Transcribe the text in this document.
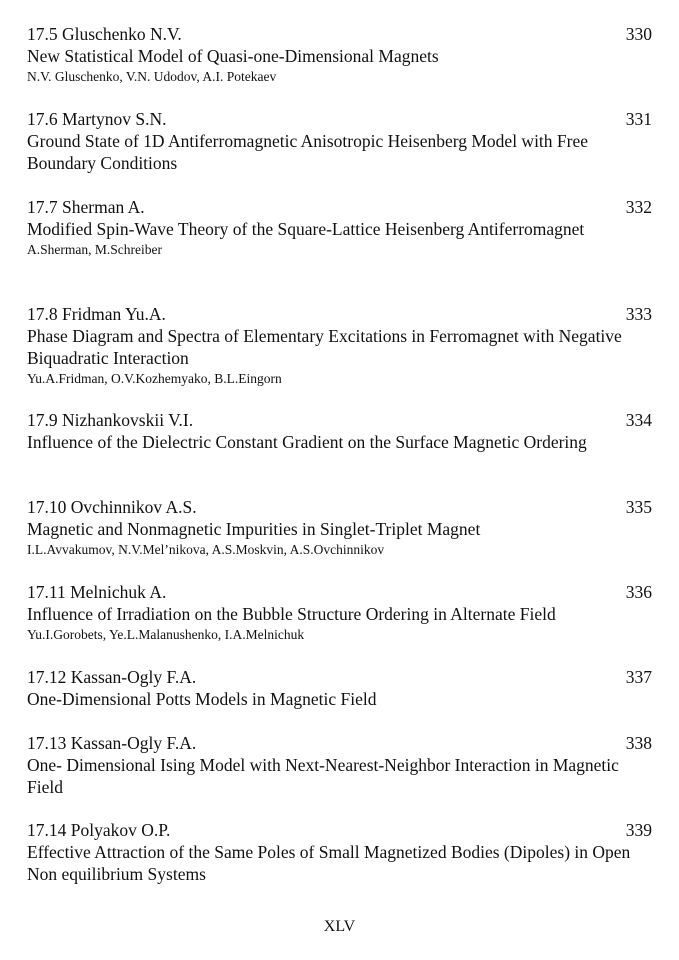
17.5 Gluschenko N.V.	330
New Statistical Model of Quasi-one-Dimensional Magnets
N.V. Gluschenko, V.N. Udodov, A.I. Potekaev
17.6 Martynov S.N.	331
Ground State of 1D Antiferromagnetic Anisotropic Heisenberg Model with Free Boundary Conditions
17.7 Sherman A.	332
Modified Spin-Wave Theory of the Square-Lattice Heisenberg Antiferromagnet
A.Sherman, M.Schreiber
17.8 Fridman Yu.A.	333
Phase Diagram and Spectra of Elementary Excitations in Ferromagnet with Negative Biquadratic Interaction
Yu.A.Fridman, O.V.Kozhemyako, B.L.Eingorn
17.9 Nizhankovskii V.I.	334
Influence of the Dielectric Constant Gradient on the Surface Magnetic Ordering
17.10 Ovchinnikov A.S.	335
Magnetic and Nonmagnetic Impurities in Singlet-Triplet Magnet
I.L.Avvakumov, N.V.Mel’nikova, A.S.Moskvin, A.S.Ovchinnikov
17.11 Melnichuk A.	336
Influence of Irradiation on the Bubble Structure Ordering in Alternate Field
Yu.I.Gorobets, Ye.L.Malanushenko, I.A.Melnichuk
17.12 Kassan-Ogly F.A.	337
One-Dimensional Potts Models in Magnetic Field
17.13 Kassan-Ogly F.A.	338
One- Dimensional Ising Model with Next-Nearest-Neighbor Interaction in Magnetic Field
17.14 Polyakov O.P.	339
Effective Attraction of the Same Poles of Small Magnetized Bodies (Dipoles) in Open Non equilibrium Systems
XLV
